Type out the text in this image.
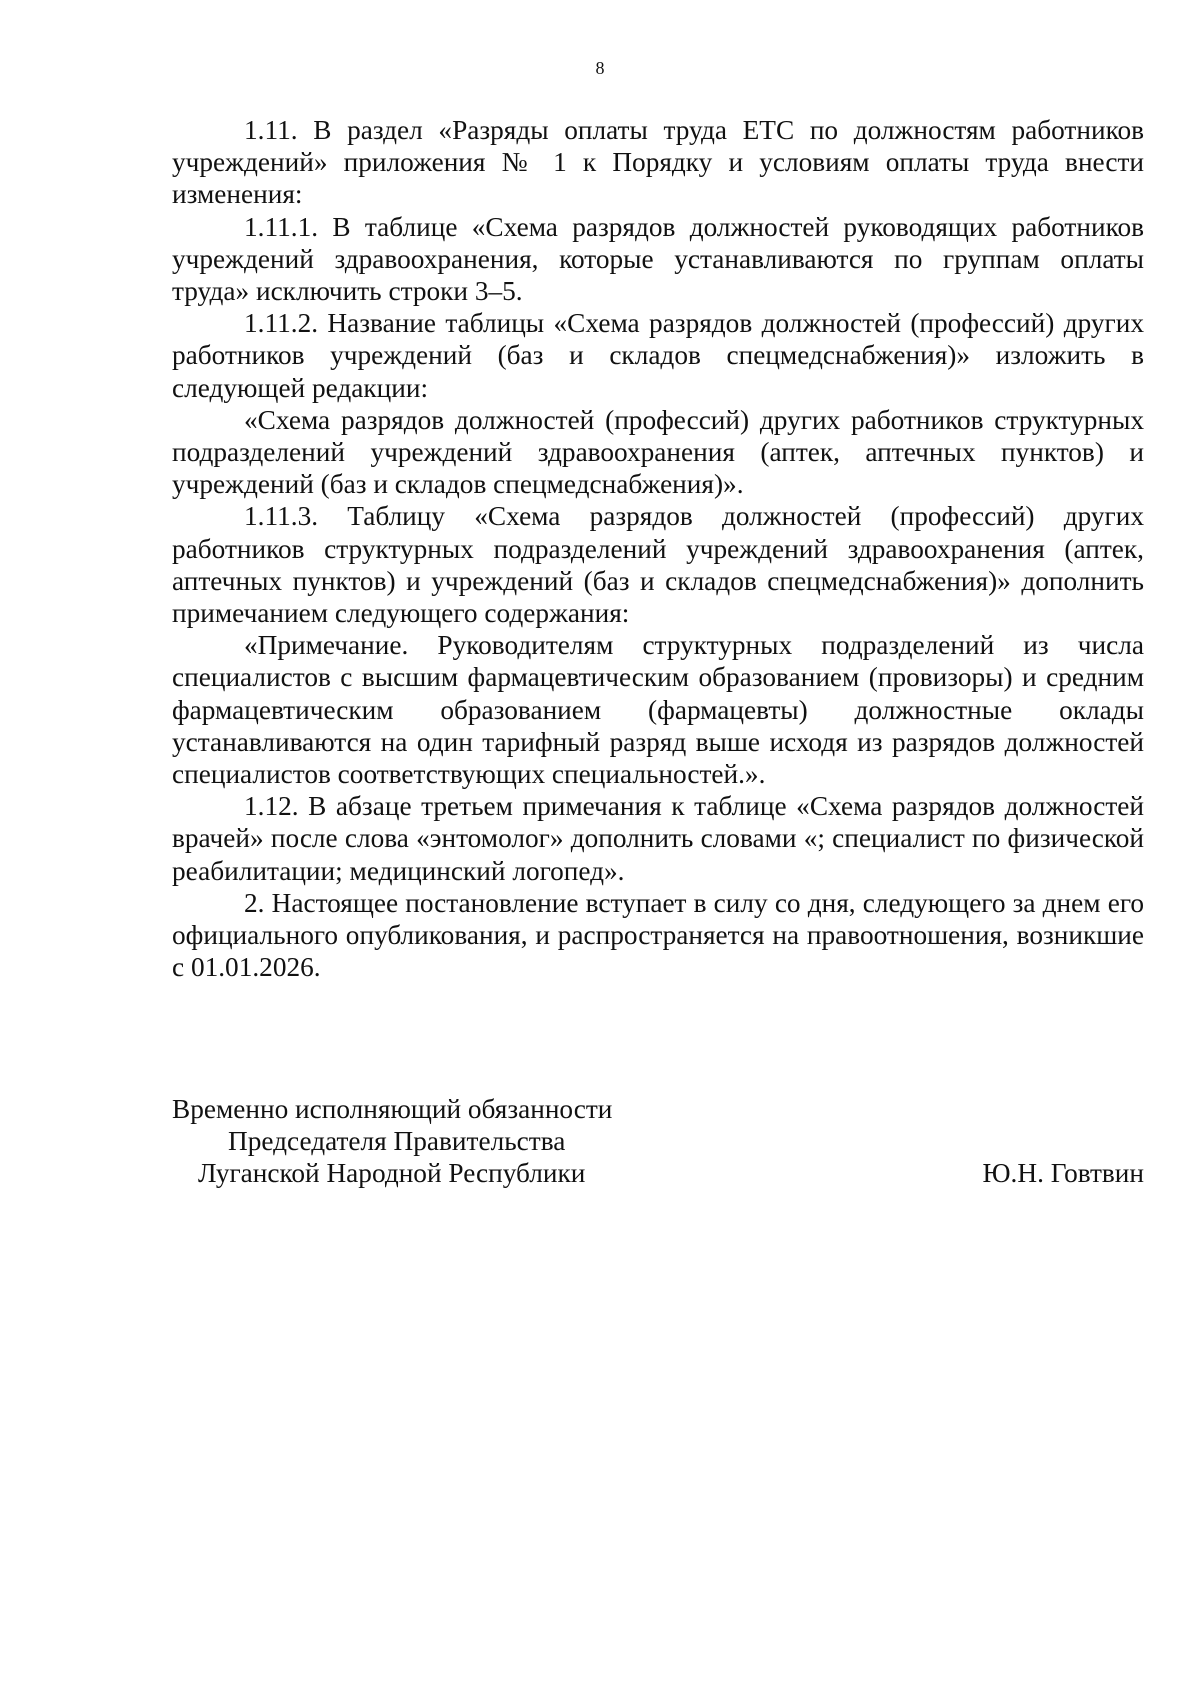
8

1.11. В раздел «Разряды оплаты труда ЕТС по должностям работников учреждений» приложения № 1 к Порядку и условиям оплаты труда внести изменения:

1.11.1. В таблице «Схема разрядов должностей руководящих работников учреждений здравоохранения, которые устанавливаются по группам оплаты труда» исключить строки 3–5.

1.11.2. Название таблицы «Схема разрядов должностей (профессий) других работников учреждений (баз и складов спецмедснабжения)» изложить в следующей редакции:

«Схема разрядов должностей (профессий) других работников структурных подразделений учреждений здравоохранения (аптек, аптечных пунктов) и учреждений (баз и складов спецмедснабжения)».

1.11.3. Таблицу «Схема разрядов должностей (профессий) других работников структурных подразделений учреждений здравоохранения (аптек, аптечных пунктов) и учреждений (баз и складов спецмедснабжения)» дополнить примечанием следующего содержания:

«Примечание. Руководителям структурных подразделений из числа специалистов с высшим фармацевтическим образованием (провизоры) и средним фармацевтическим образованием (фармацевты) должностные оклады устанавливаются на один тарифный разряд выше исходя из разрядов должностей специалистов соответствующих специальностей.».

1.12. В абзаце третьем примечания к таблице «Схема разрядов должностей врачей» после слова «энтомолог» дополнить словами «; специалист по физической реабилитации; медицинский логопед».

2. Настоящее постановление вступает в силу со дня, следующего за днем его официального опубликования, и распространяется на правоотношения, возникшие с 01.01.2026.

Временно исполняющий обязанности
Председателя Правительства
Луганской Народной Республики	Ю.Н. Говтвин
